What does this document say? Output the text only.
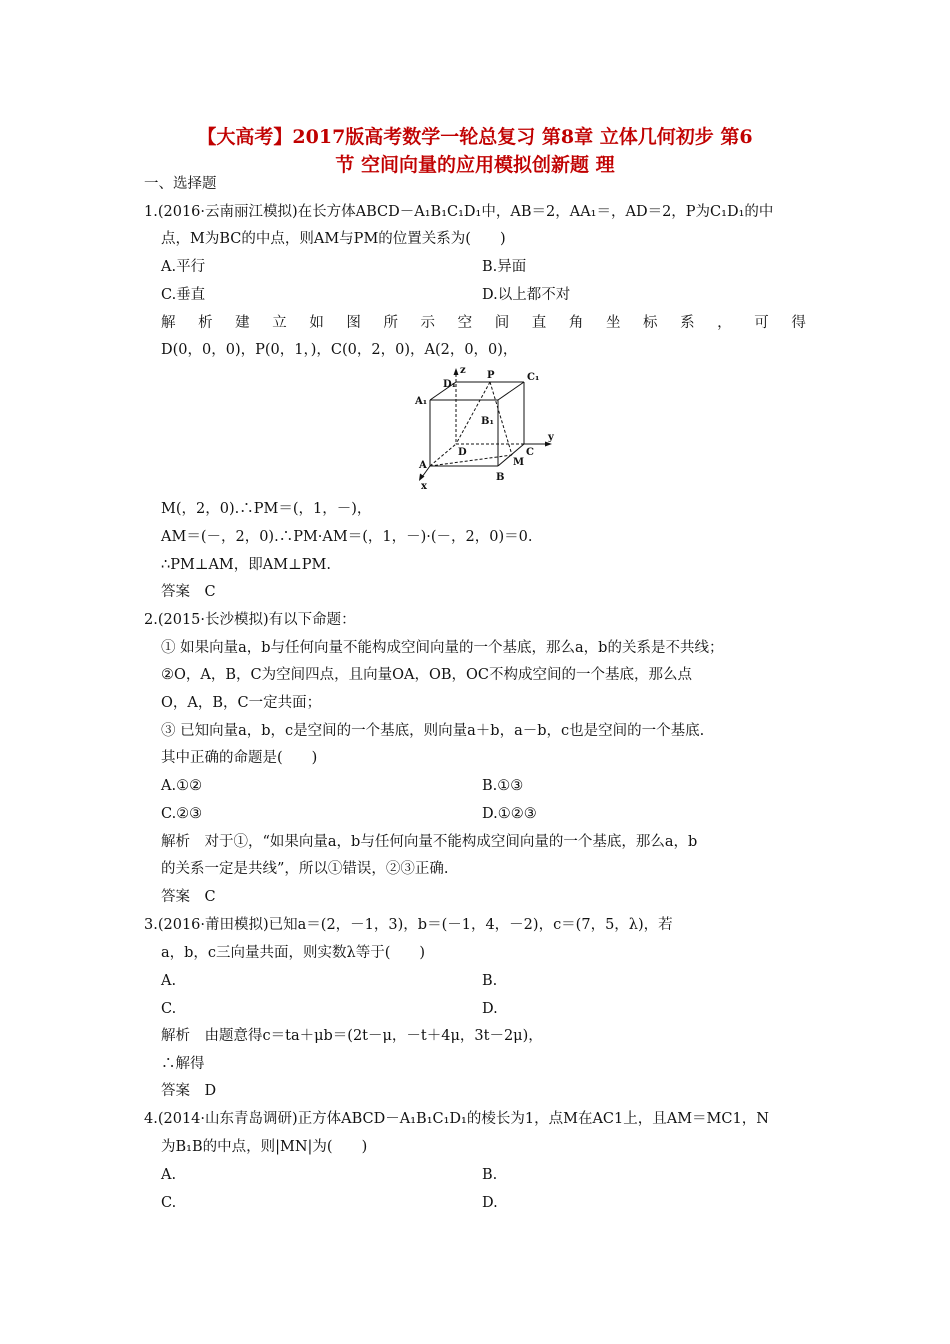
【大高考】2017版高考数学一轮总复习 第8章 立体几何初步 第6
节 空间向量的应用模拟创新题 理
一、选择题
1.(2016·云南丽江模拟)在长方体ABCD－A₁B₁C₁D₁中，AB＝2，AA₁＝，AD＝2，P为C₁D₁的中
点，M为BC的中点，则AM与PM的位置关系为(　　)
A.平行	B.异面
C.垂直	D.以上都不对
解 析 建 立 如 图 所 示 空 间 直 角 坐 标 系 ， 可 得
D(0，0，0)，P(0，1，)，C(0，2，0)，A(2，0，0)，
z
D₁
P	C₁
A₁
B₁
D	C
y
M
A
B
x
M(，2，0).∴PM＝(，1，－)，
AM＝(－，2，0).∴PM·AM＝(，1，－)·(－，2，0)＝0.
∴PM⊥AM，即AM⊥PM.
答案　C
2.(2015·长沙模拟)有以下命题：
① 如果向量a，b与任何向量不能构成空间向量的一个基底，那么a，b的关系是不共线；
②O，A，B，C为空间四点，且向量OA，OB，OC不构成空间的一个基底，那么点
O，A，B，C一定共面；
③ 已知向量a，b，c是空间的一个基底，则向量a＋b，a－b，c也是空间的一个基底.
其中正确的命题是(　　)
A.①②	B.①③
C.②③	D.①②③
解析　对于①，“如果向量a，b与任何向量不能构成空间向量的一个基底，那么a，b
的关系一定是共线”，所以①错误，②③正确.
答案　C
3.(2016·莆田模拟)已知a＝(2，－1，3)，b＝(－1，4，－2)，c＝(7，5，λ)，若
a，b，c三向量共面，则实数λ等于(　　)
A.	B.
C.	D.
解析　由题意得c＝ta＋μb＝(2t－μ，－t＋4μ，3t－2μ)，
∴解得
答案　D
4.(2014·山东青岛调研)正方体ABCD－A₁B₁C₁D₁的棱长为1，点M在AC1上，且AM＝MC1，N
为B₁B的中点，则|MN|为(　　)
A.	B.
C.	D.
